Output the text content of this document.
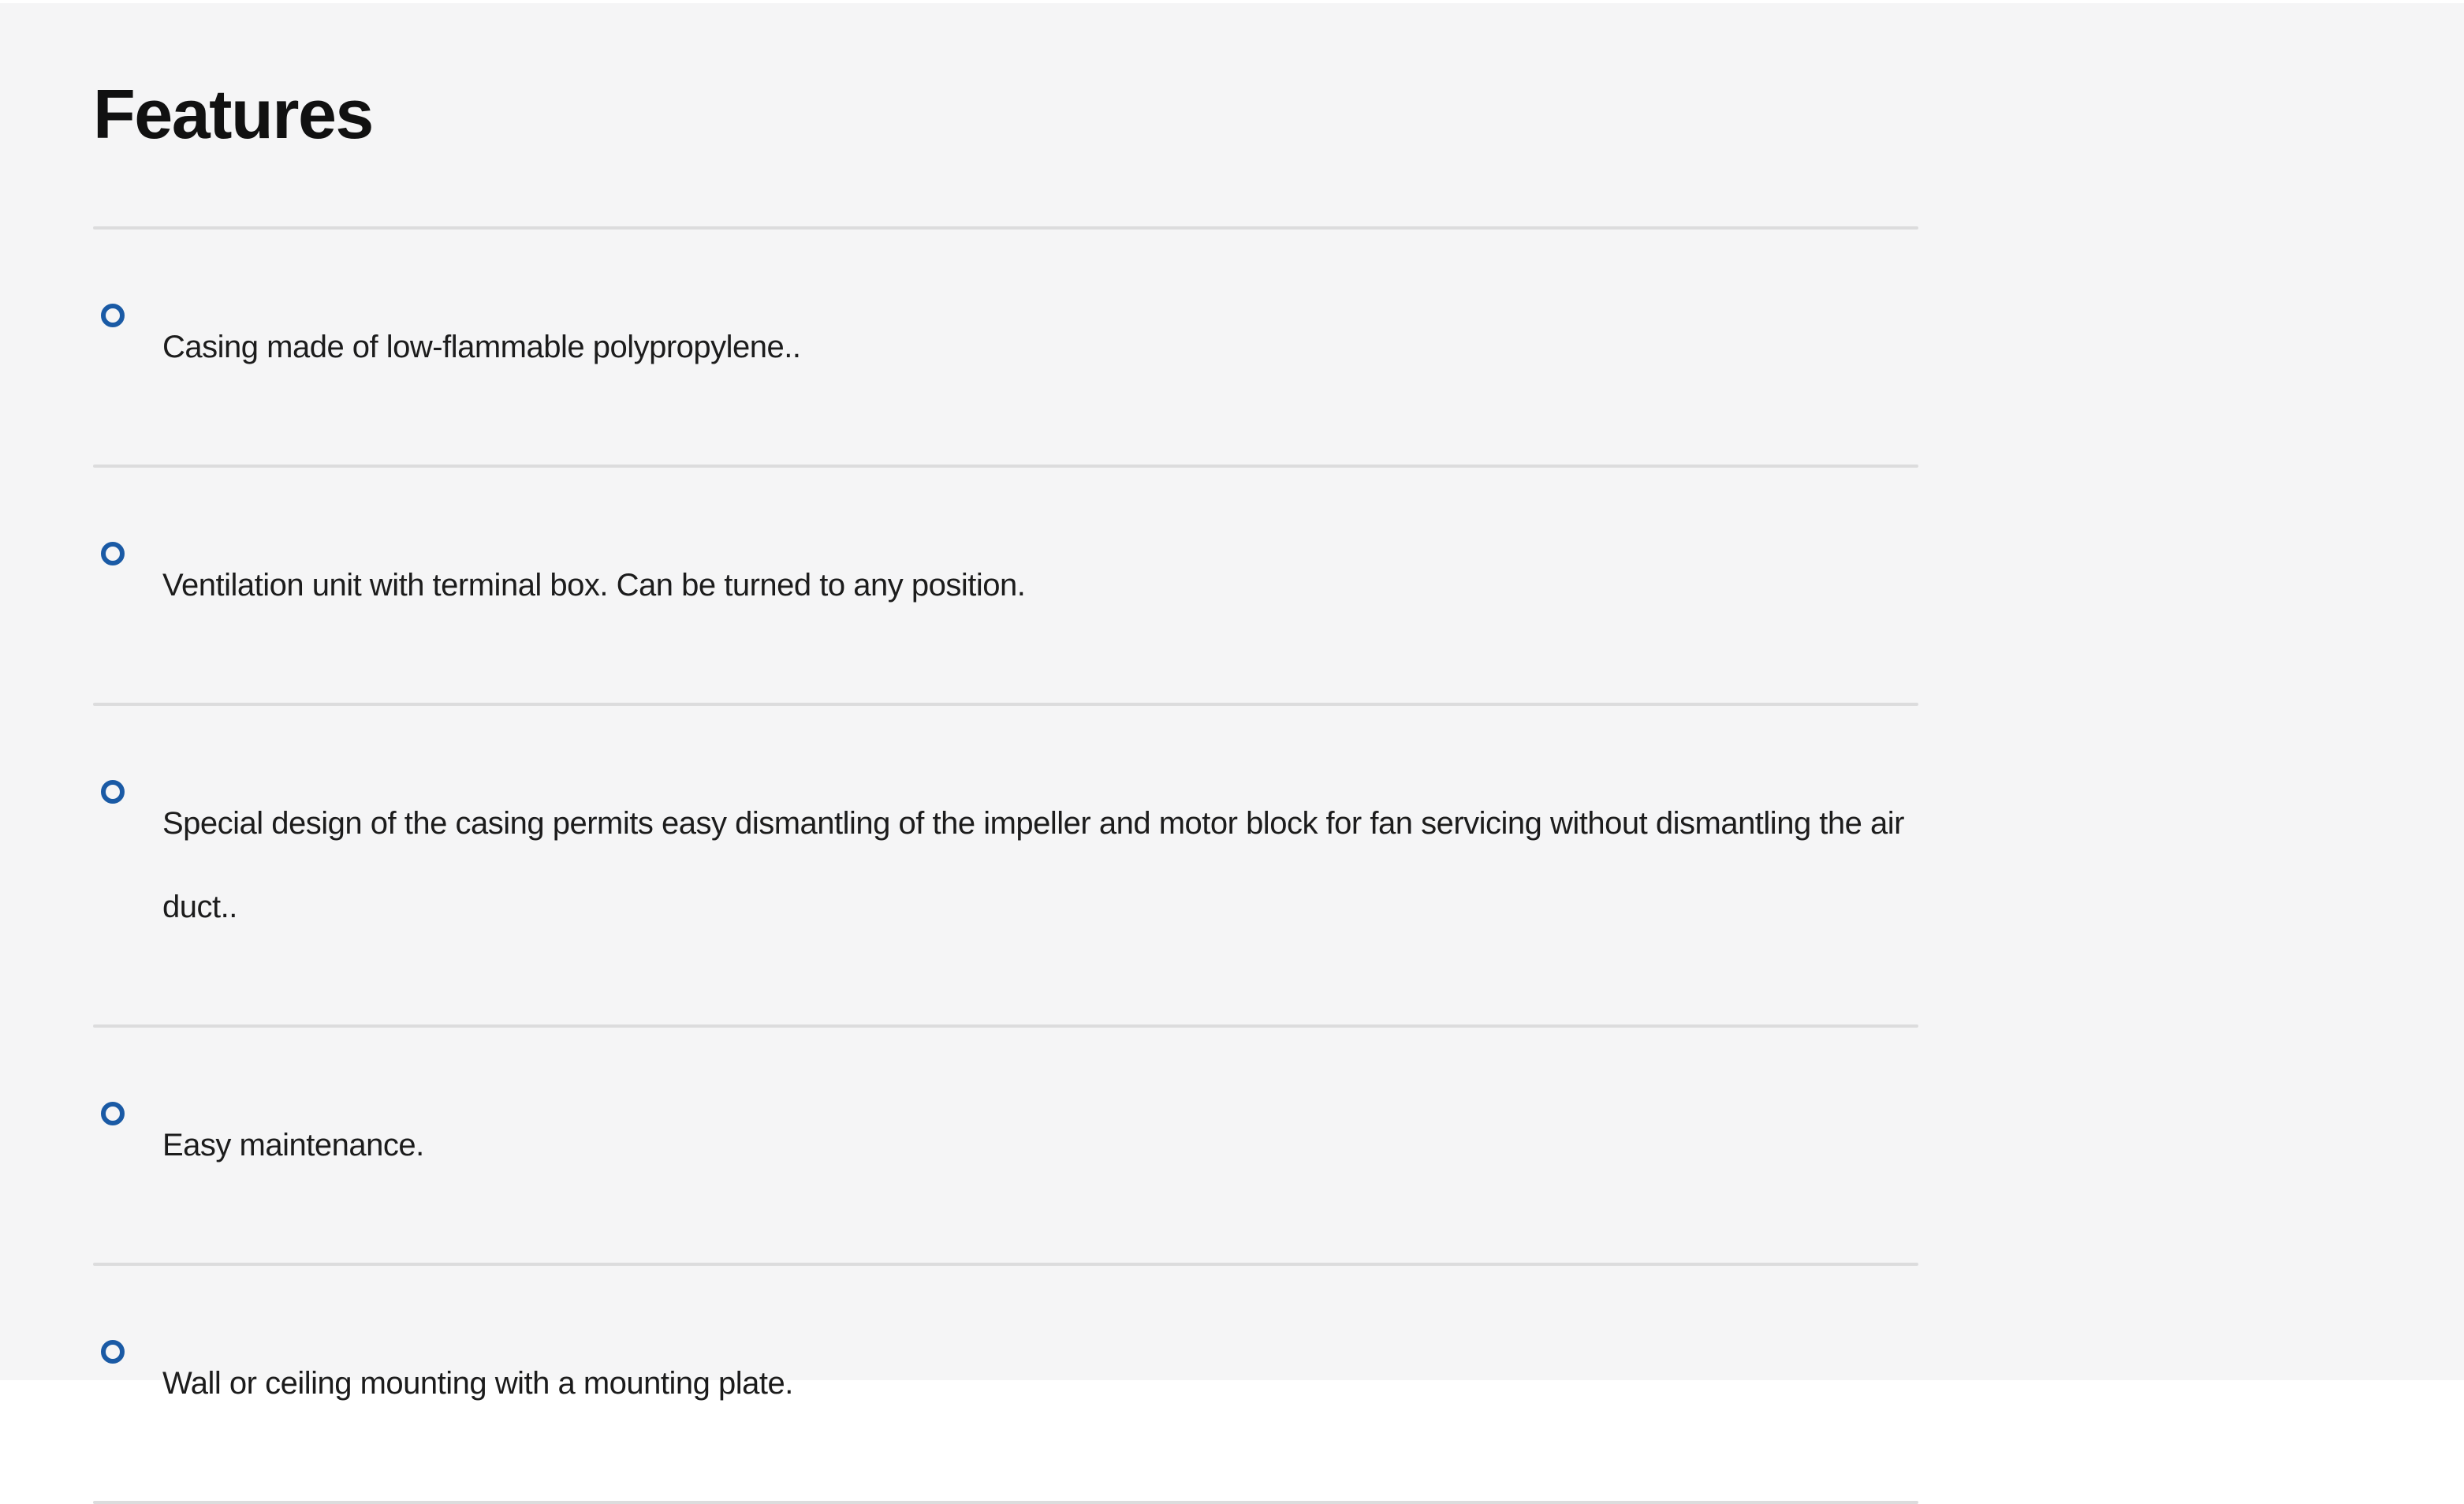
Features

Casing made of low-flammable polypropylene..

Ventilation unit with terminal box. Can be turned to any position.

Special design of the casing permits easy dismantling of the impeller and motor block for fan servicing without dismantling the air duct..

Easy maintenance.

Wall or ceiling mounting with a mounting plate.
